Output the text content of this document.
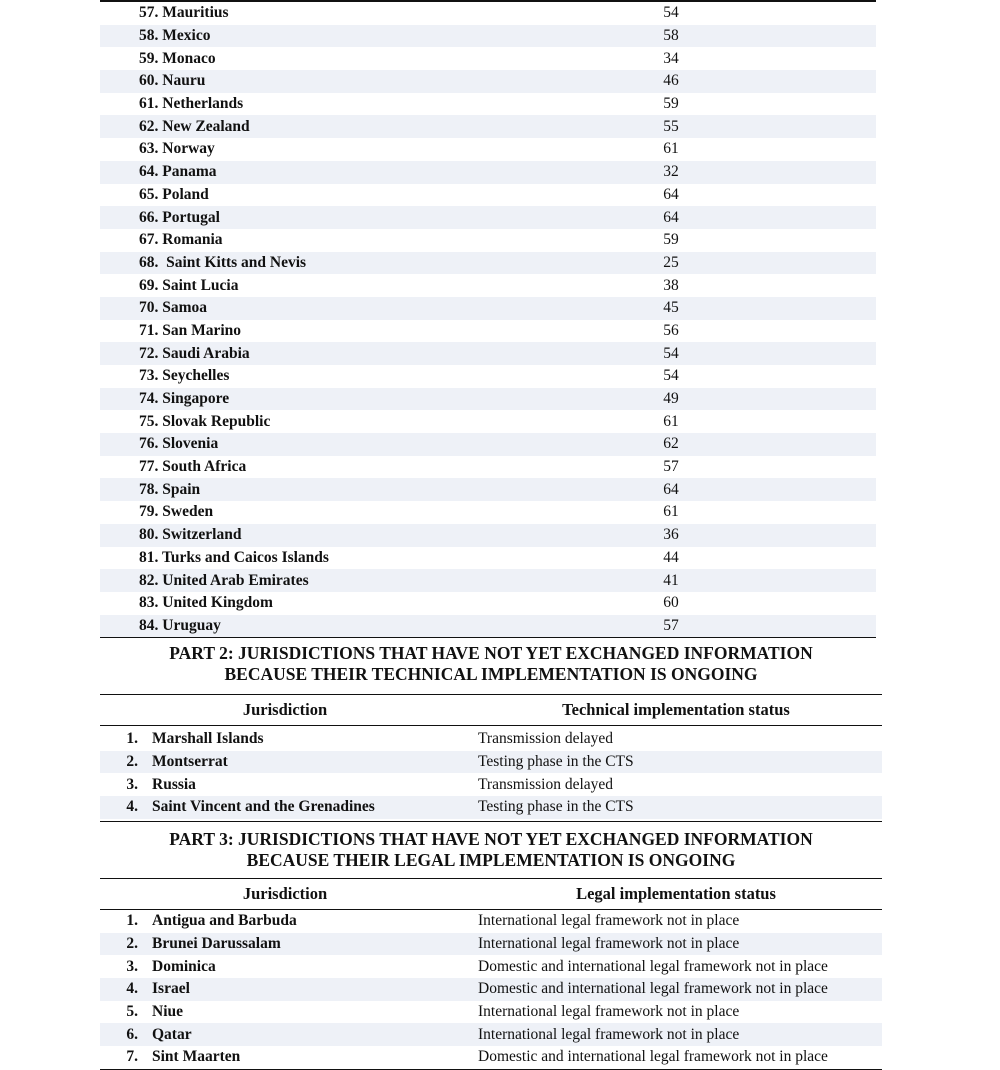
57. Mauritius	54
58. Mexico	58
59. Monaco	34
60. Nauru	46
61. Netherlands	59
62. New Zealand	55
63. Norway	61
64. Panama	32
65. Poland	64
66. Portugal	64
67. Romania	59
68.  Saint Kitts and Nevis	25
69. Saint Lucia	38
70. Samoa	45
71. San Marino	56
72. Saudi Arabia	54
73. Seychelles	54
74. Singapore	49
75. Slovak Republic	61
76. Slovenia	62
77. South Africa	57
78. Spain	64
79. Sweden	61
80. Switzerland	36
81. Turks and Caicos Islands	44
82. United Arab Emirates	41
83. United Kingdom	60
84. Uruguay	57
PART 2: JURISDICTIONS THAT HAVE NOT YET EXCHANGED INFORMATION
BECAUSE THEIR TECHNICAL IMPLEMENTATION IS ONGOING
Jurisdiction	Technical implementation status
1. Marshall Islands	Transmission delayed
2. Montserrat	Testing phase in the CTS
3. Russia	Transmission delayed
4. Saint Vincent and the Grenadines	Testing phase in the CTS
PART 3: JURISDICTIONS THAT HAVE NOT YET EXCHANGED INFORMATION
BECAUSE THEIR LEGAL IMPLEMENTATION IS ONGOING
Jurisdiction	Legal implementation status
1. Antigua and Barbuda	International legal framework not in place
2. Brunei Darussalam	International legal framework not in place
3. Dominica	Domestic and international legal framework not in place
4. Israel	Domestic and international legal framework not in place
5. Niue	International legal framework not in place
6. Qatar	International legal framework not in place
7. Sint Maarten	Domestic and international legal framework not in place
